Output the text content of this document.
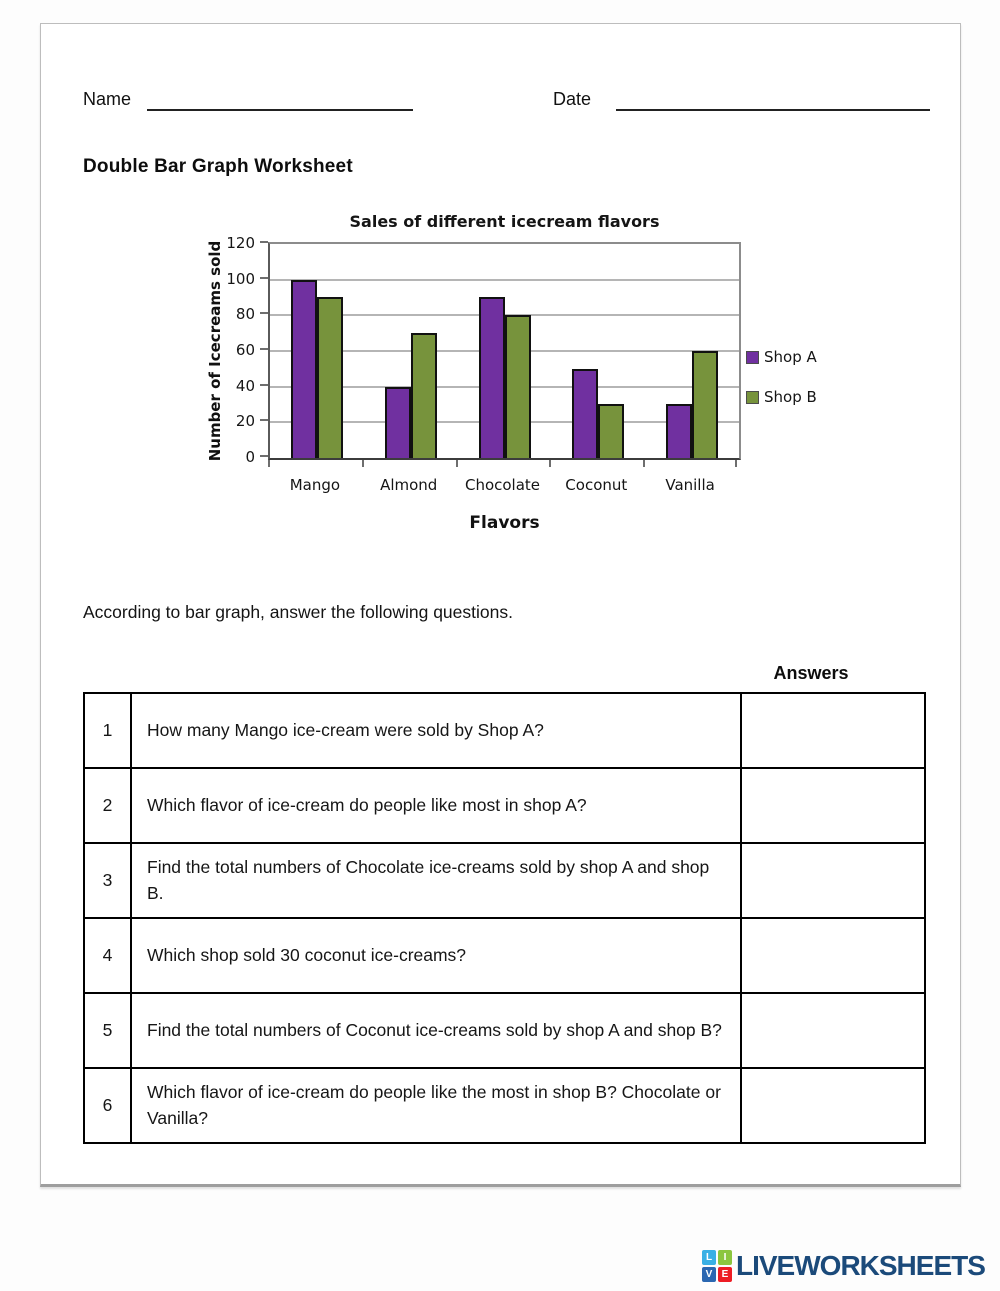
Name	Date
Double Bar Graph Worksheet
Sales of different icecream flavors
Number of Icecreams sold	0
20
40
60
80
100
120
Mango	Almond Chocolate Coconut	Vanilla
Flavors
Shop A
Shop B
According to bar graph, answer the following questions.
Answers
1	How many Mango ice-cream were sold by Shop A?	
2	Which flavor of ice-cream do people like most in shop A?	
3	Find the total numbers of Chocolate ice-creams sold by shop A and shop B.	
4	Which shop sold 30 coconut ice-creams?	
5	Find the total numbers of Coconut ice-creams sold by shop A and shop B?	
6	Which flavor of ice-cream do people like the most in shop B? Chocolate or Vanilla?	
L	I
V E LIVEWORKSHEETS
